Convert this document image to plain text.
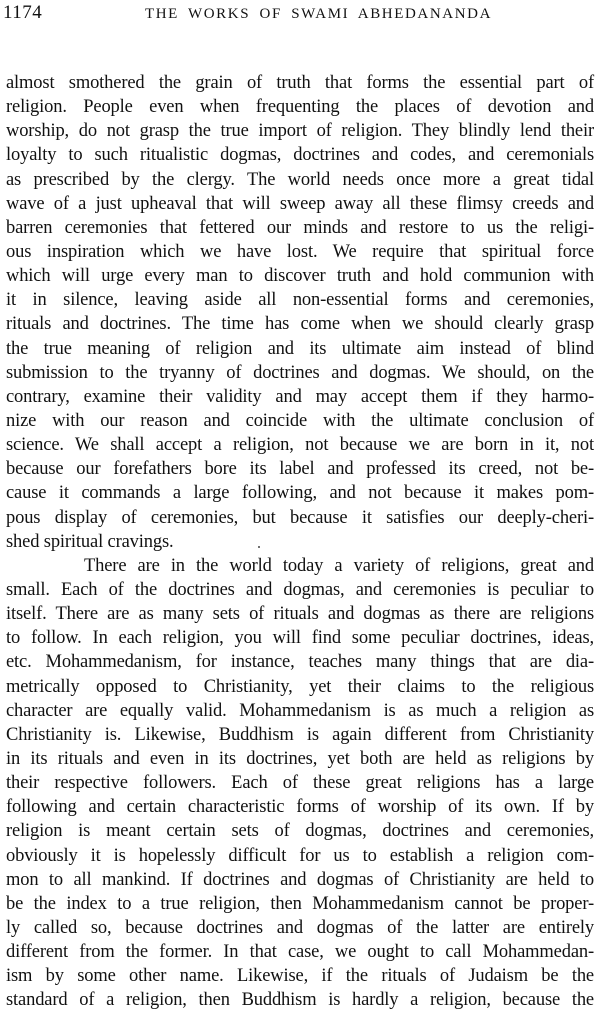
1174	THE WORKS OF SWAMI ABHEDANANDA

almost smothered the grain of truth that forms the essential part of
religion. People even when frequenting the places of devotion and
worship, do not grasp the true import of religion. They blindly lend their
loyalty to such ritualistic dogmas, doctrines and codes, and ceremonials
as prescribed by the clergy. The world needs once more a great tidal
wave of a just upheaval that will sweep away all these flimsy creeds and
barren ceremonies that fettered our minds and restore to us the religi-
ous inspiration which we have lost. We require that spiritual force
which will urge every man to discover truth and hold communion with
it in silence, leaving aside all non-essential forms and ceremonies,
rituals and doctrines. The time has come when we should clearly grasp
the true meaning of religion and its ultimate aim instead of blind
submission to the tryanny of doctrines and dogmas. We should, on the
contrary, examine their validity and may accept them if they harmo-
nize with our reason and coincide with the ultimate conclusion of
science. We shall accept a religion, not because we are born in it, not
because our forefathers bore its label and professed its creed, not be-
cause it commands a large following, and not because it makes pom-
pous display of ceremonies, but because it satisfies our deeply-cheri-
shed spiritual cravings.

There are in the world today a variety of religions, great and
small. Each of the doctrines and dogmas, and ceremonies is peculiar to
itself. There are as many sets of rituals and dogmas as there are religions
to follow. In each religion, you will find some peculiar doctrines, ideas,
etc. Mohammedanism, for instance, teaches many things that are dia-
metrically opposed to Christianity, yet their claims to the religious
character are equally valid. Mohammedanism is as much a religion as
Christianity is. Likewise, Buddhism is again different from Christianity
in its rituals and even in its doctrines, yet both are held as religions by
their respective followers. Each of these great religions has a large
following and certain characteristic forms of worship of its own. If by
religion is meant certain sets of dogmas, doctrines and ceremonies,
obviously it is hopelessly difficult for us to establish a religion com-
mon to all mankind. If doctrines and dogmas of Christianity are held to
be the index to a true religion, then Mohammedanism cannot be proper-
ly called so, because doctrines and dogmas of the latter are entirely
different from the former. In that case, we ought to call Mohammedan-
ism by some other name. Likewise, if the rituals of Judaism be the
standard of a religion, then Buddhism is hardly a religion, because the
